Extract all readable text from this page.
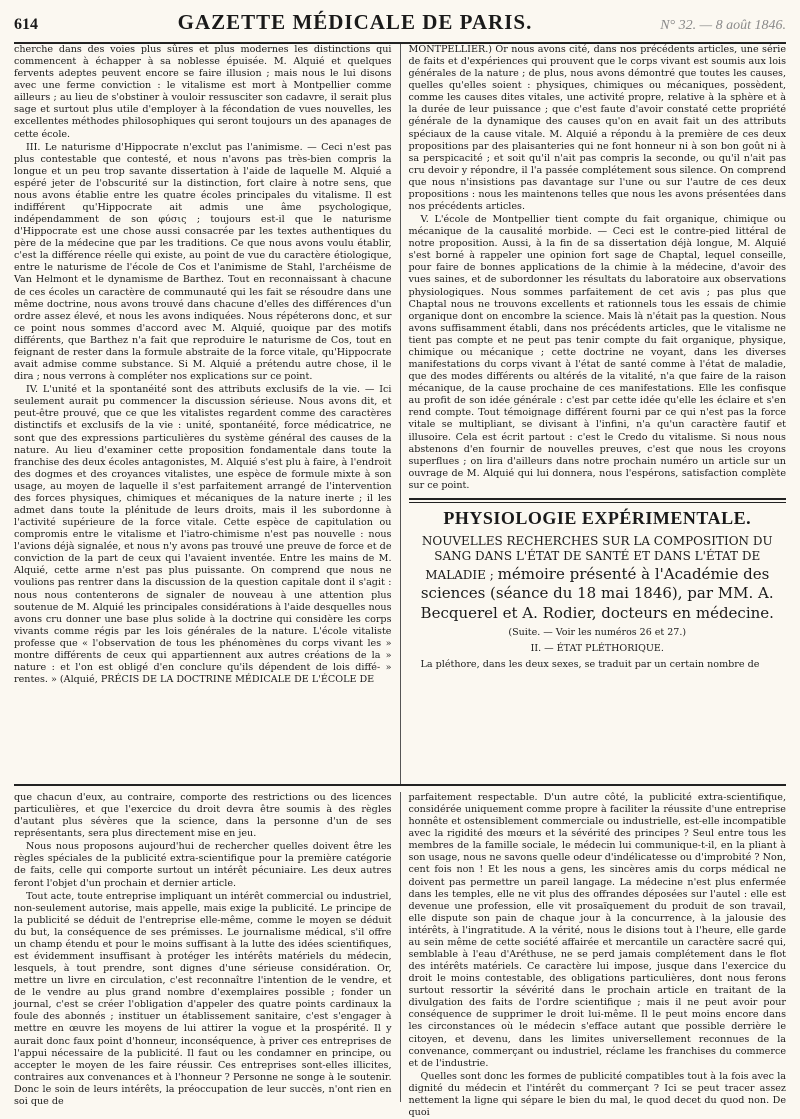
614	GAZETTE MÉDICALE DE PARIS.	N° 32. — 8 août 1846.

cherche dans des voies plus sûres et plus modernes les distinctions qui commencent à échapper à sa noblesse épuisée. M. Alquié et quelques fervents adeptes peuvent encore se faire illusion ; mais nous le lui disons avec une ferme conviction : le vitalisme est mort à Montpellier comme ailleurs ; au lieu de s'obstiner à vouloir ressusciter son cadavre, il serait plus sage et surtout plus utile d'employer à la fécondation de vues nouvelles, les excellentes méthodes philosophiques qui seront toujours un des apanages de cette école.

III. Le naturisme d'Hippocrate n'exclut pas l'animisme. — Ceci n'est pas plus contestable que contesté, et nous n'avons pas très-bien compris la longue et un peu trop savante dissertation à l'aide de laquelle M. Alquié a espéré jeter de l'obscurité sur la distinction, fort claire à notre sens, que nous avons établie entre les quatre écoles principales du vitalisme. Il est indifférent qu'Hippocrate ait admis une âme psychologique, indépendamment de son φύσις ; toujours est-il que le naturisme d'Hippocrate est une chose aussi consacrée par les textes authentiques du père de la médecine que par les traditions. Ce que nous avons voulu établir, c'est la différence réelle qui existe, au point de vue du caractère étiologique, entre le naturisme de l'école de Cos et l'animisme de Stahl, l'archéisme de Van Helmont et le dynamisme de Barthez. Tout en reconnaissant à chacune de ces écoles un caractère de communauté qui les fait se résoudre dans une même doctrine, nous avons trouvé dans chacune d'elles des différences d'un ordre assez élevé, et nous les avons indiquées. Nous répéterons donc, et sur ce point nous sommes d'accord avec M. Alquié, quoique par des motifs différents, que Barthez n'a fait que reproduire le naturisme de Cos, tout en feignant de rester dans la formule abstraite de la force vitale, qu'Hippocrate avait admise comme substance. Si M. Alquié a prétendu autre chose, il le dira ; nous verrons à compléter nos explications sur ce point.

IV. L'unité et la spontanéité sont des attributs exclusifs de la vie. — Ici seulement aurait pu commencer la discussion sérieuse. Nous avons dit, et peut-être prouvé, que ce que les vitalistes regardent comme des caractères distinctifs et exclusifs de la vie : unité, spontanéité, force médicatrice, ne sont que des expressions particulières du système général des causes de la nature. Au lieu d'examiner cette proposition fondamentale dans toute la franchise des deux écoles antagonistes, M. Alquié s'est plu à faire, à l'endroit des dogmes et des croyances vitalistes, une espèce de formule mixte à son usage, au moyen de laquelle il s'est parfaitement arrangé de l'intervention des forces physiques, chimiques et mécaniques de la nature inerte ; il les admet dans toute la plénitude de leurs droits, mais il les subordonne à l'activité supérieure de la force vitale. Cette espèce de capitulation ou compromis entre le vitalisme et l'iatro-chimisme n'est pas nouvelle : nous l'avions déjà signalée, et nous n'y avons pas trouvé une preuve de force et de conviction de la part de ceux qui l'avaient inventée. Entre les mains de M. Alquié, cette arme n'est pas plus puissante. On comprend que nous ne voulions pas rentrer dans la discussion de la question capitale dont il s'agit : nous nous contenterons de signaler de nouveau à une attention plus soutenue de M. Alquié les principales considérations à l'aide desquelles nous avons cru donner une base plus solide à la doctrine qui considère les corps vivants comme régis par les lois générales de la nature. L'école vitaliste professe que « l'observation de tous les phénomènes du corps vivant les » montre différents de ceux qui appartiennent aux autres créations de la » nature : et l'on est obligé d'en conclure qu'ils dépendent de lois diffé- » rentes. » (Alquié, PRÉCIS DE LA DOCTRINE MÉDICALE DE L'ÉCOLE DE

MONTPELLIER.) Or nous avons cité, dans nos précédents articles, une série de faits et d'expériences qui prouvent que le corps vivant est soumis aux lois générales de la nature ; de plus, nous avons démontré que toutes les causes, quelles qu'elles soient : physiques, chimiques ou mécaniques, possèdent, comme les causes dites vitales, une activité propre, relative à la sphère et à la durée de leur puissance ; que c'est faute d'avoir constaté cette propriété générale de la dynamique des causes qu'on en avait fait un des attributs spéciaux de la cause vitale. M. Alquié a répondu à la première de ces deux propositions par des plaisanteries qui ne font honneur ni à son bon goût ni à sa perspicacité ; et soit qu'il n'ait pas compris la seconde, ou qu'il n'ait pas cru devoir y répondre, il l'a passée complétement sous silence. On comprend que nous n'insistions pas davantage sur l'une ou sur l'autre de ces deux propositions : nous les maintenons telles que nous les avons présentées dans nos précédents articles.

V. L'école de Montpellier tient compte du fait organique, chimique ou mécanique de la causalité morbide. — Ceci est le contre-pied littéral de notre proposition. Aussi, à la fin de sa dissertation déjà longue, M. Alquié s'est borné à rappeler une opinion fort sage de Chaptal, lequel conseille, pour faire de bonnes applications de la chimie à la médecine, d'avoir des vues saines, et de subordonner les résultats du laboratoire aux observations physiologiques. Nous sommes parfaitement de cet avis ; pas plus que Chaptal nous ne trouvons excellents et rationnels tous les essais de chimie organique dont on encombre la science. Mais là n'était pas la question. Nous avons suffisamment établi, dans nos précédents articles, que le vitalisme ne tient pas compte et ne peut pas tenir compte du fait organique, physique, chimique ou mécanique ; cette doctrine ne voyant, dans les diverses manifestations du corps vivant à l'état de santé comme à l'état de maladie, que des modes différents ou altérés de la vitalité, n'a que faire de la raison mécanique, de la cause prochaine de ces manifestations. Elle les confisque au profit de son idée générale : c'est par cette idée qu'elle les éclaire et s'en rend compte. Tout témoignage différent fourni par ce qui n'est pas la force vitale se multipliant, se divisant à l'infini, n'a qu'un caractère fautif et illusoire. Cela est écrit partout : c'est le Credo du vitalisme. Si nous nous abstenons d'en fournir de nouvelles preuves, c'est que nous les croyons superflues ; on lira d'ailleurs dans notre prochain numéro un article sur un ouvrage de M. Alquié qui lui donnera, nous l'espérons, satisfaction complète sur ce point.

PHYSIOLOGIE EXPÉRIMENTALE.
NOUVELLES RECHERCHES SUR LA COMPOSITION DU SANG DANS L'ÉTAT DE SANTÉ ET DANS L'ÉTAT DE MALADIE ; mémoire présenté à l'Académie des sciences (séance du 18 mai 1846), par MM. A. Becquerel et A. Rodier, docteurs en médecine.
(Suite. — Voir les numéros 26 et 27.)
II. — ÉTAT PLÉTHORIQUE.

La pléthore, dans les deux sexes, se traduit par un certain nombre de

que chacun d'eux, au contraire, comporte des restrictions ou des licences particulières, et que l'exercice du droit devra être soumis à des règles d'autant plus sévères que la science, dans la personne d'un de ses représentants, sera plus directement mise en jeu.

Nous nous proposons aujourd'hui de rechercher quelles doivent être les règles spéciales de la publicité extra-scientifique pour la première catégorie de faits, celle qui comporte surtout un intérêt pécuniaire. Les deux autres feront l'objet d'un prochain et dernier article.

Tout acte, toute entreprise impliquant un intérêt commercial ou industriel, non-seulement autorise, mais appelle, mais exige la publicité. Le principe de la publicité se déduit de l'entreprise elle-même, comme le moyen se déduit du but, la conséquence de ses prémisses. Le journalisme médical, s'il offre un champ étendu et pour le moins suffisant à la lutte des idées scientifiques, est évidemment insuffisant à protéger les intérêts matériels du médecin, lesquels, à tout prendre, sont dignes d'une sérieuse considération. Or, mettre un livre en circulation, c'est reconnaître l'intention de le vendre, et de le vendre au plus grand nombre d'exemplaires possible ; fonder un journal, c'est se créer l'obligation d'appeler des quatre points cardinaux la foule des abonnés ; instituer un établissement sanitaire, c'est s'engager à mettre en œuvre les moyens de lui attirer la vogue et la prospérité. Il y aurait donc faux point d'honneur, inconséquence, à priver ces entreprises de l'appui nécessaire de la publicité. Il faut ou les condamner en principe, ou accepter le moyen de les faire réussir. Ces entreprises sont-elles illicites, contraires aux convenances et à l'honneur ? Personne ne songe à le soutenir. Donc le soin de leurs intérêts, la préoccupation de leur succès, n'ont rien en soi que de

parfaitement respectable. D'un autre côté, la publicité extra-scientifique, considérée uniquement comme propre à faciliter la réussite d'une entreprise honnête et ostensiblement commerciale ou industrielle, est-elle incompatible avec la rigidité des mœurs et la sévérité des principes ? Seul entre tous les membres de la famille sociale, le médecin lui communique-t-il, en la pliant à son usage, nous ne savons quelle odeur d'indélicatesse ou d'improbité ? Non, cent fois non ! Et les nous a gens, les sincères amis du corps médical ne doivent pas permettre un pareil langage. La médecine n'est plus enfermée dans les temples, elle ne vit plus des offrandes déposées sur l'autel : elle est devenue une profession, elle vit prosaïquement du produit de son travail, elle dispute son pain de chaque jour à la concurrence, à la jalousie des intérêts, à l'ingratitude. A la vérité, nous le disions tout à l'heure, elle garde au sein même de cette société affairée et mercantile un caractère sacré qui, semblable à l'eau d'Aréthuse, ne se perd jamais complétement dans le flot des intérêts matériels. Ce caractère lui impose, jusque dans l'exercice du droit le moins contestable, des obligations particulières, dont nous ferons surtout ressortir la sévérité dans le prochain article en traitant de la divulgation des faits de l'ordre scientifique ; mais il ne peut avoir pour conséquence de supprimer le droit lui-même. Il le peut moins encore dans les circonstances où le médecin s'efface autant que possible derrière le citoyen, et devenu, dans les limites universellement reconnues de la convenance, commerçant ou industriel, réclame les franchises du commerce et de l'industrie.

Quelles sont donc les formes de publicité compatibles tout à la fois avec la dignité du médecin et l'intérêt du commerçant ? Ici se peut tracer assez nettement la ligne qui sépare le bien du mal, le quod decet du quod non. De quoi
